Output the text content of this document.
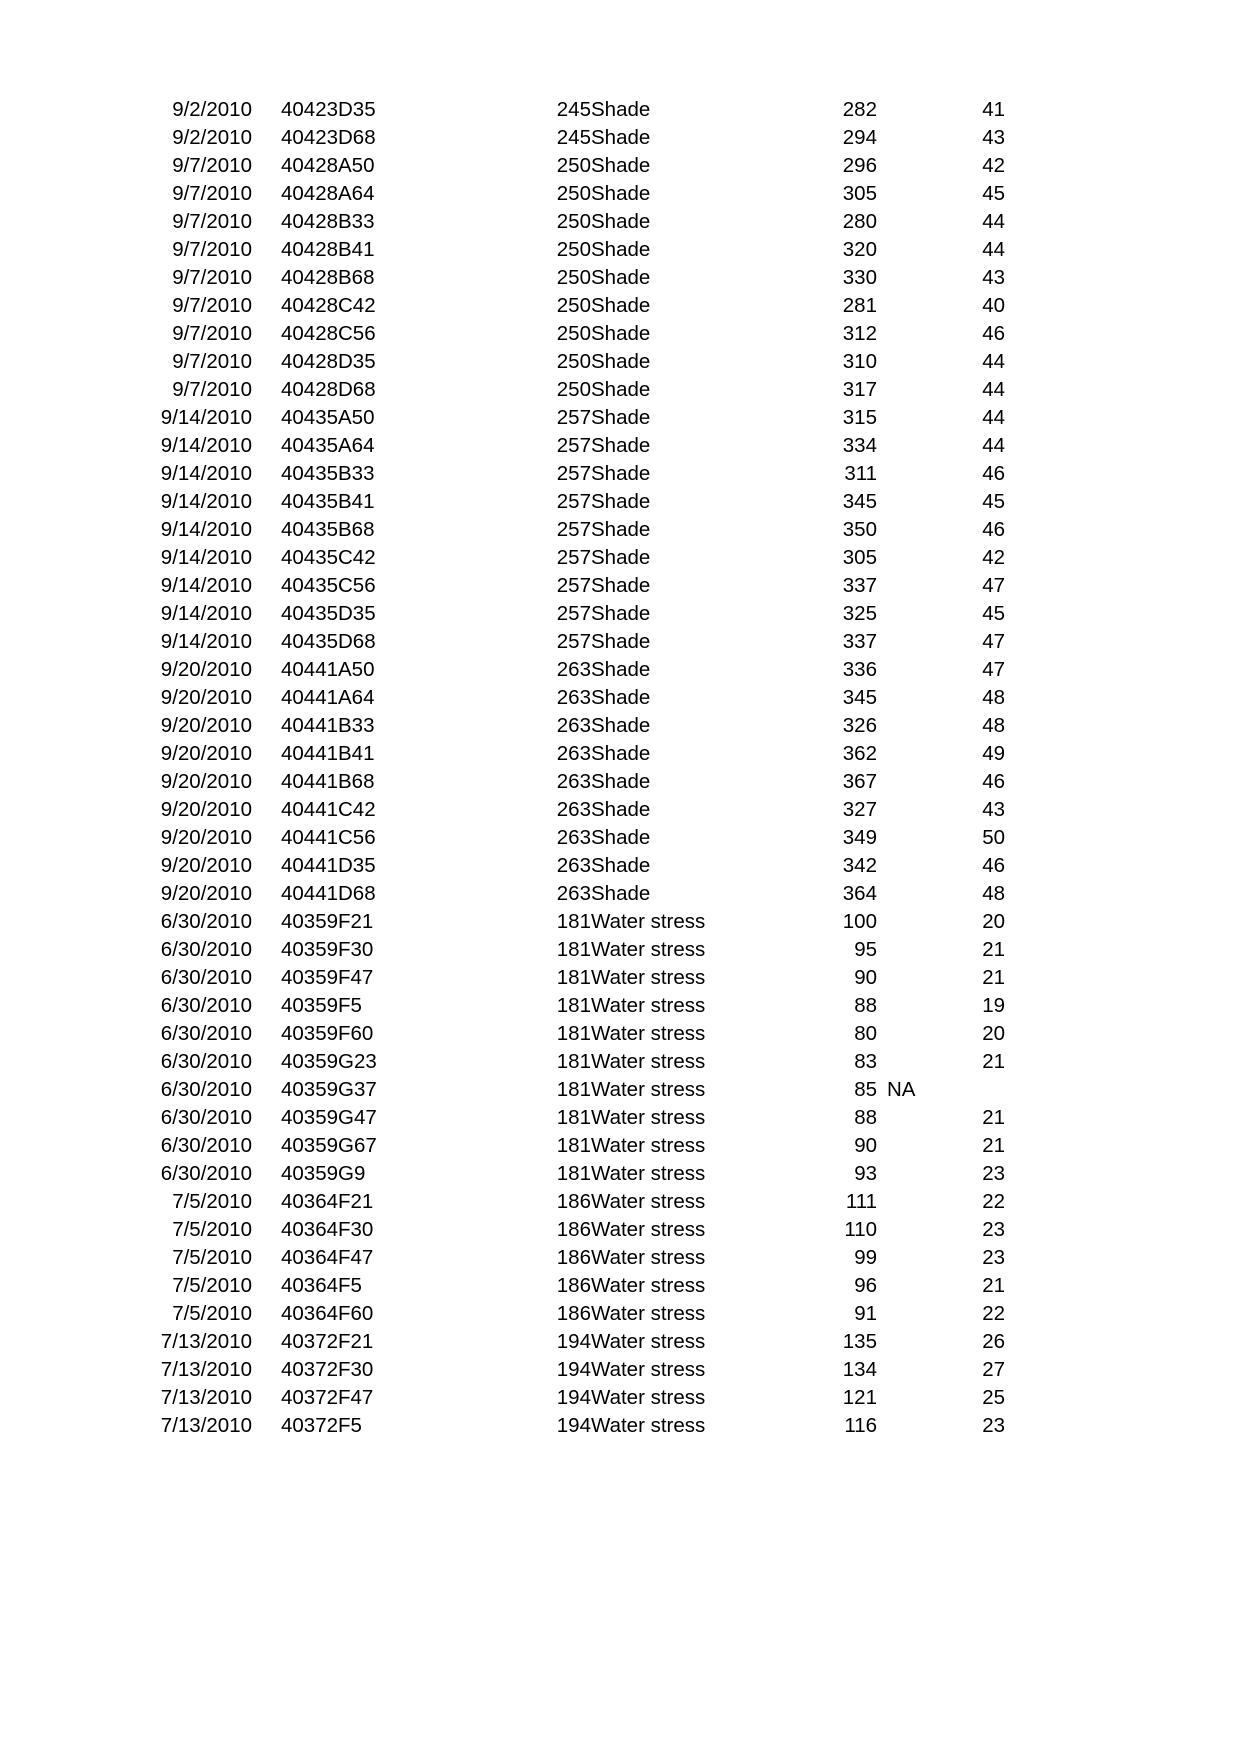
9/2/2010	40423	D35	245	Shade	282	41
9/2/2010	40423	D68	245	Shade	294	43
9/7/2010	40428	A50	250	Shade	296	42
9/7/2010	40428	A64	250	Shade	305	45
9/7/2010	40428	B33	250	Shade	280	44
9/7/2010	40428	B41	250	Shade	320	44
9/7/2010	40428	B68	250	Shade	330	43
9/7/2010	40428	C42	250	Shade	281	40
9/7/2010	40428	C56	250	Shade	312	46
9/7/2010	40428	D35	250	Shade	310	44
9/7/2010	40428	D68	250	Shade	317	44
9/14/2010	40435	A50	257	Shade	315	44
9/14/2010	40435	A64	257	Shade	334	44
9/14/2010	40435	B33	257	Shade	311	46
9/14/2010	40435	B41	257	Shade	345	45
9/14/2010	40435	B68	257	Shade	350	46
9/14/2010	40435	C42	257	Shade	305	42
9/14/2010	40435	C56	257	Shade	337	47
9/14/2010	40435	D35	257	Shade	325	45
9/14/2010	40435	D68	257	Shade	337	47
9/20/2010	40441	A50	263	Shade	336	47
9/20/2010	40441	A64	263	Shade	345	48
9/20/2010	40441	B33	263	Shade	326	48
9/20/2010	40441	B41	263	Shade	362	49
9/20/2010	40441	B68	263	Shade	367	46
9/20/2010	40441	C42	263	Shade	327	43
9/20/2010	40441	C56	263	Shade	349	50
9/20/2010	40441	D35	263	Shade	342	46
9/20/2010	40441	D68	263	Shade	364	48
6/30/2010	40359	F21	181	Water stress	100	20
6/30/2010	40359	F30	181	Water stress	95	21
6/30/2010	40359	F47	181	Water stress	90	21
6/30/2010	40359	F5	181	Water stress	88	19
6/30/2010	40359	F60	181	Water stress	80	20
6/30/2010	40359	G23	181	Water stress	83	21
6/30/2010	40359	G37	181	Water stress	85	NA
6/30/2010	40359	G47	181	Water stress	88	21
6/30/2010	40359	G67	181	Water stress	90	21
6/30/2010	40359	G9	181	Water stress	93	23
7/5/2010	40364	F21	186	Water stress	111	22
7/5/2010	40364	F30	186	Water stress	110	23
7/5/2010	40364	F47	186	Water stress	99	23
7/5/2010	40364	F5	186	Water stress	96	21
7/5/2010	40364	F60	186	Water stress	91	22
7/13/2010	40372	F21	194	Water stress	135	26
7/13/2010	40372	F30	194	Water stress	134	27
7/13/2010	40372	F47	194	Water stress	121	25
7/13/2010	40372	F5	194	Water stress	116	23
